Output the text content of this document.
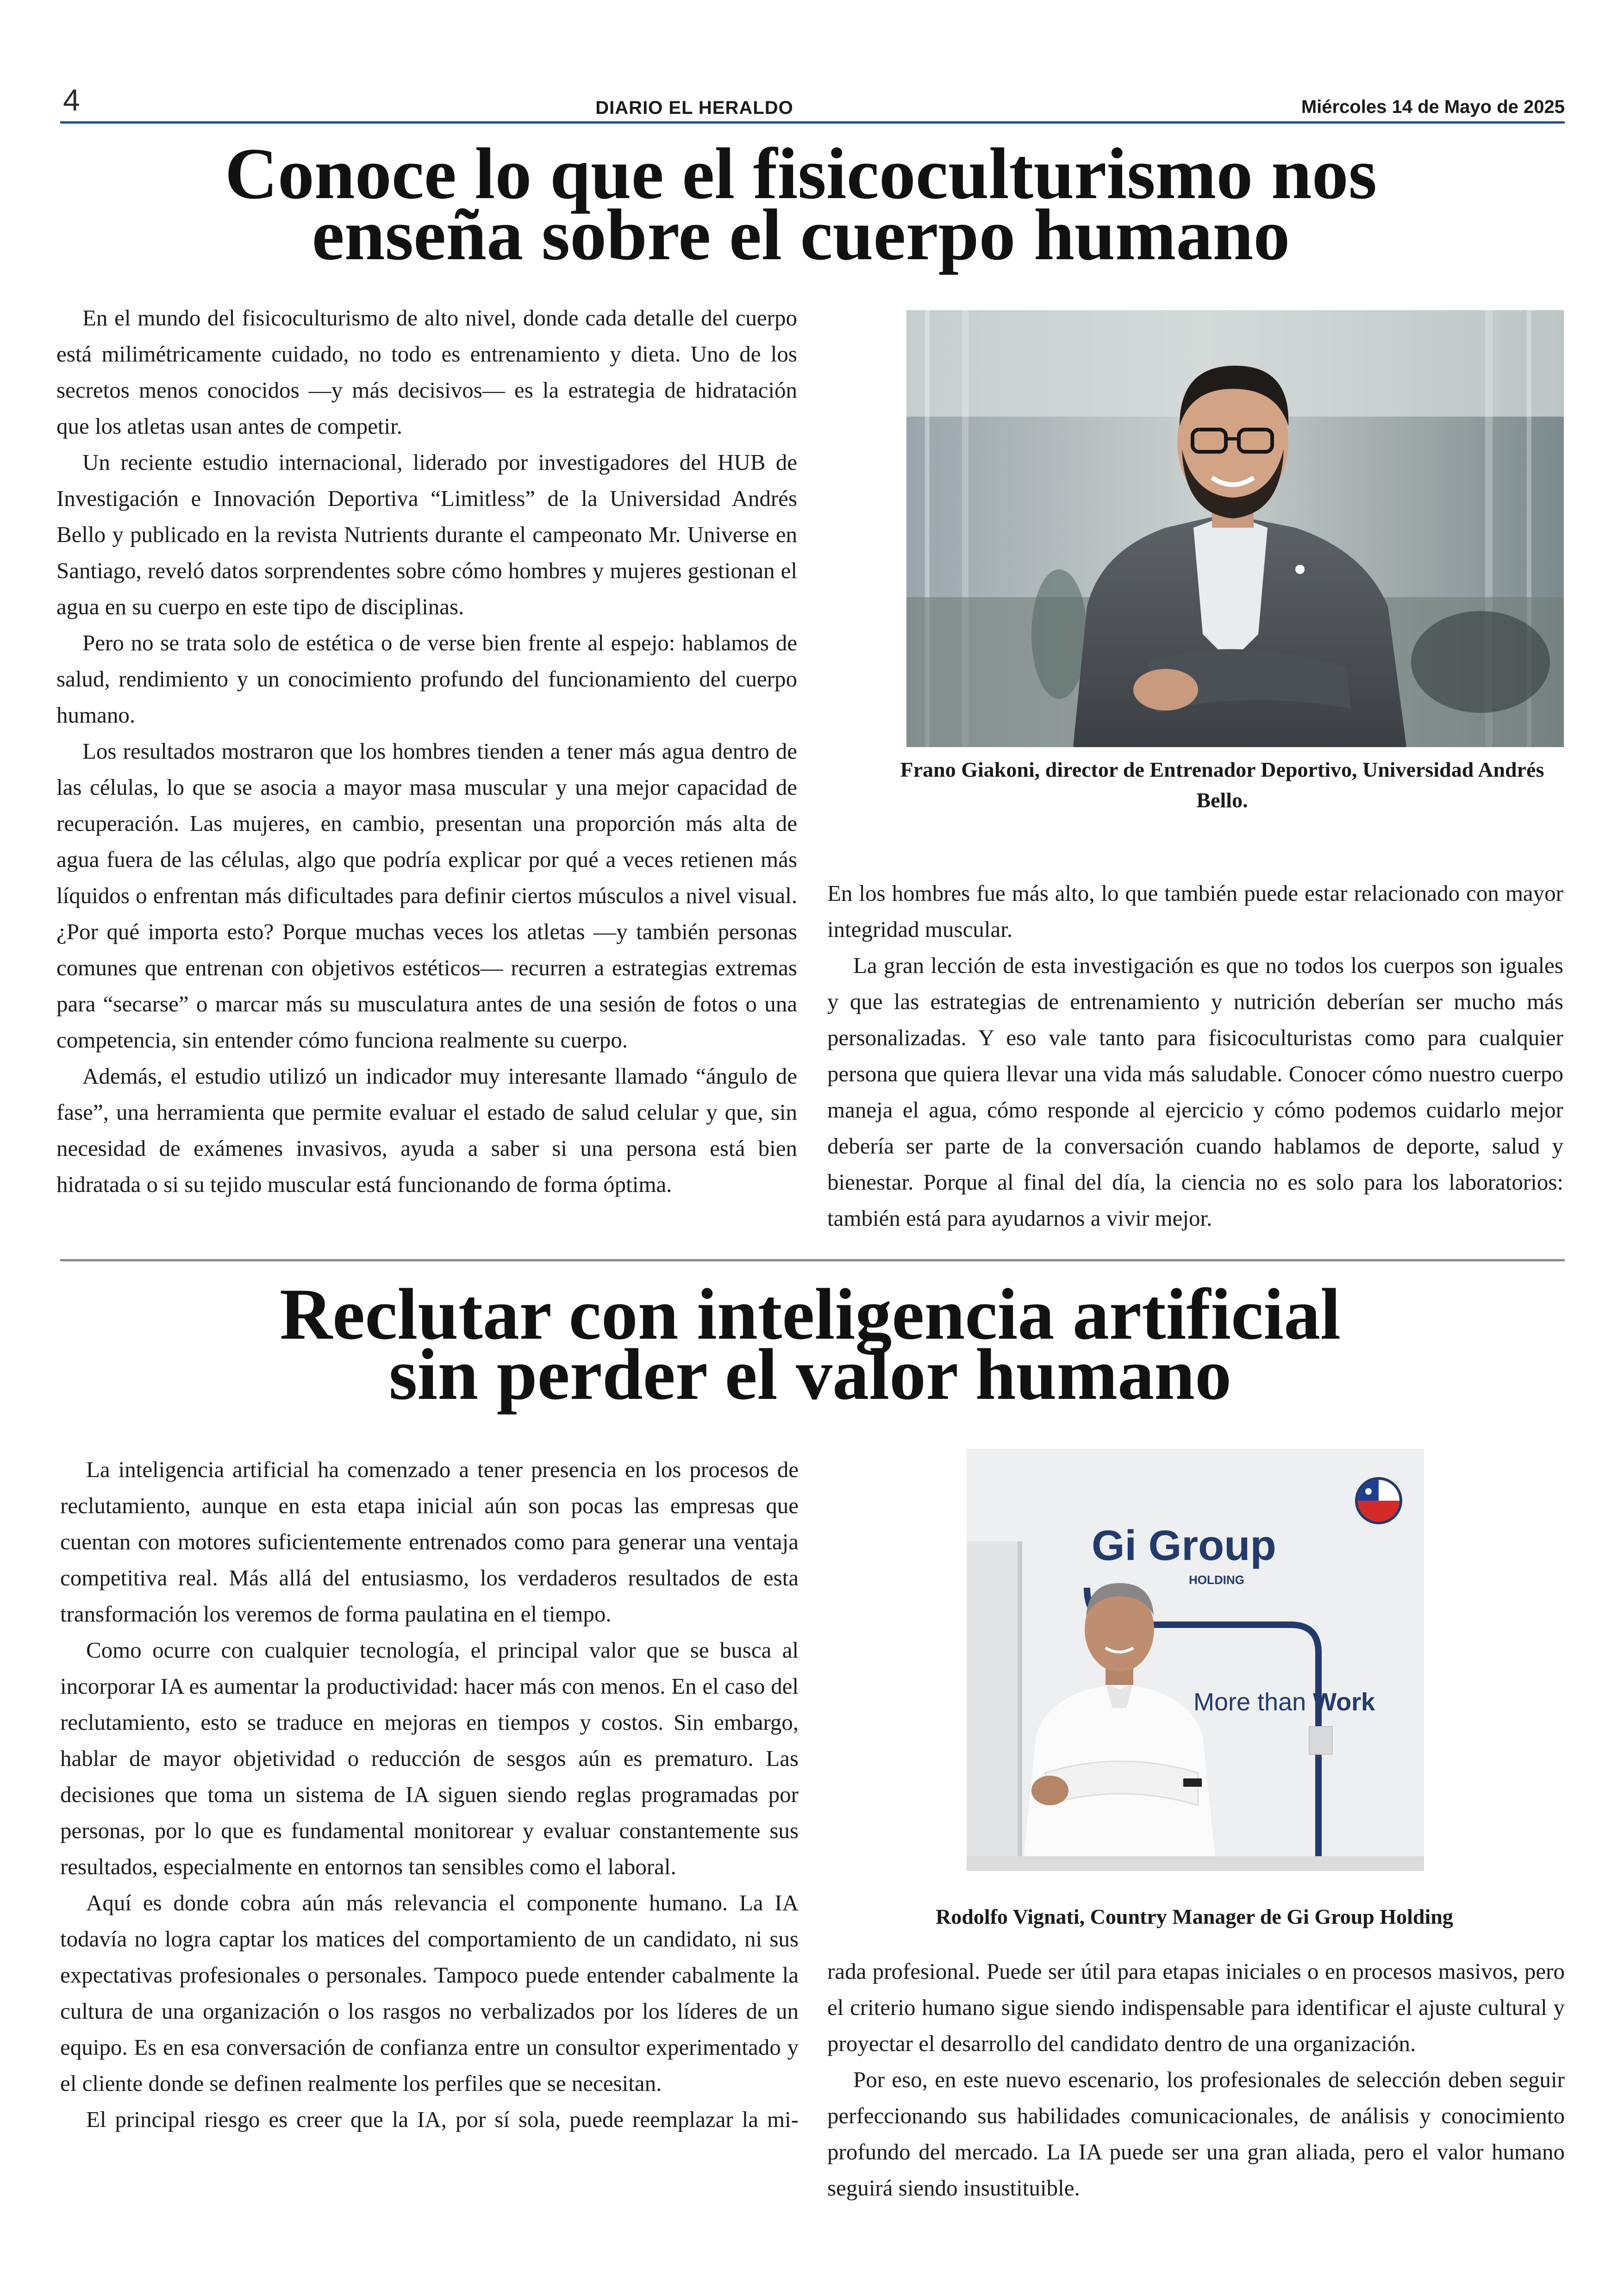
4	DIARIO EL HERALDO	Miércoles 14 de Mayo de 2025
Conoce lo que el fisicoculturismo nos
enseña sobre el cuerpo humano

En el mundo del fisicoculturismo de alto nivel, donde cada detalle del cuerpo está milimétricamente cuidado, no todo es entrenamiento y dieta. Uno de los secretos menos conocidos —y más decisivos— es la estrategia de hidratación que los atletas usan antes de competir.

Un reciente estudio internacional, liderado por investigadores del HUB de Investigación e Innovación Deportiva “Limitless” de la Universidad Andrés Bello y publicado en la revista Nutrients durante el campeonato Mr. Universe en Santiago, reveló datos sorprendentes sobre cómo hombres y mujeres gestionan el agua en su cuerpo en este tipo de disciplinas.

Pero no se trata solo de estética o de verse bien frente al espejo: hablamos de salud, rendimiento y un conocimiento profundo del funcionamiento del cuerpo humano.

Los resultados mostraron que los hombres tienden a tener más agua dentro de las células, lo que se asocia a mayor masa muscular y una mejor capacidad de recuperación. Las mujeres, en cambio, presentan una proporción más alta de agua fuera de las células, algo que podría explicar por qué a veces retienen más líquidos o enfrentan más dificultades para definir ciertos músculos a nivel visual. ¿Por qué importa esto? Porque muchas veces los atletas —y también personas comunes que entrenan con objetivos estéticos— recurren a estrategias extremas para “secarse” o marcar más su musculatura antes de una sesión de fotos o una competencia, sin entender cómo funciona realmente su cuerpo.

Además, el estudio utilizó un indicador muy interesante llamado “ángulo de fase”, una herramienta que permite evaluar el estado de salud celular y que, sin necesidad de exámenes invasivos, ayuda a saber si una persona está bien hidratada o si su tejido muscular está funcionando de forma óptima.

Frano Giakoni, director de Entrenador Deportivo, Universidad Andrés Bello.

En los hombres fue más alto, lo que también puede estar relacionado con mayor integridad muscular.

La gran lección de esta investigación es que no todos los cuerpos son iguales y que las estrategias de entrenamiento y nutrición deberían ser mucho más personalizadas. Y eso vale tanto para fisicoculturistas como para cualquier persona que quiera llevar una vida más saludable. Conocer cómo nuestro cuerpo maneja el agua, cómo responde al ejercicio y cómo podemos cuidarlo mejor debería ser parte de la conversación cuando hablamos de deporte, salud y bienestar. Porque al final del día, la ciencia no es solo para los laboratorios: también está para ayudarnos a vivir mejor.

Reclutar con inteligencia artificial
sin perder el valor humano

La inteligencia artificial ha comenzado a tener presencia en los procesos de reclutamiento, aunque en esta etapa inicial aún son pocas las empresas que cuentan con motores suficientemente entrenados como para generar una ventaja competitiva real. Más allá del entusiasmo, los verdaderos resultados de esta transformación los veremos de forma paulatina en el tiempo.

Como ocurre con cualquier tecnología, el principal valor que se busca al incorporar IA es aumentar la productividad: hacer más con menos. En el caso del reclutamiento, esto se traduce en mejoras en tiempos y costos. Sin embargo, hablar de mayor objetividad o reducción de sesgos aún es prematuro. Las decisiones que toma un sistema de IA siguen siendo reglas programadas por personas, por lo que es fundamental monitorear y evaluar constantemente sus resultados, especialmente en entornos tan sensibles como el laboral.

Aquí es donde cobra aún más relevancia el componente humano. La IA todavía no logra captar los matices del comportamiento de un candidato, ni sus expectativas profesionales o personales. Tampoco puede entender cabalmente la cultura de una organización o los rasgos no verbalizados por los líderes de un equipo. Es en esa conversación de confianza entre un consultor experimentado y el cliente donde se definen realmente los perfiles que se necesitan.

El principal riesgo es creer que la IA, por sí sola, puede reemplazar la mi-

Gi Group
HOLDING
More than Work
Rodolfo Vignati, Country Manager de Gi Group Holding

rada profesional. Puede ser útil para etapas iniciales o en procesos masivos, pero el criterio humano sigue siendo indispensable para identificar el ajuste cultural y proyectar el desarrollo del candidato dentro de una organización.

Por eso, en este nuevo escenario, los profesionales de selección deben seguir perfeccionando sus habilidades comunicacionales, de análisis y conocimiento profundo del mercado. La IA puede ser una gran aliada, pero el valor humano seguirá siendo insustituible.
